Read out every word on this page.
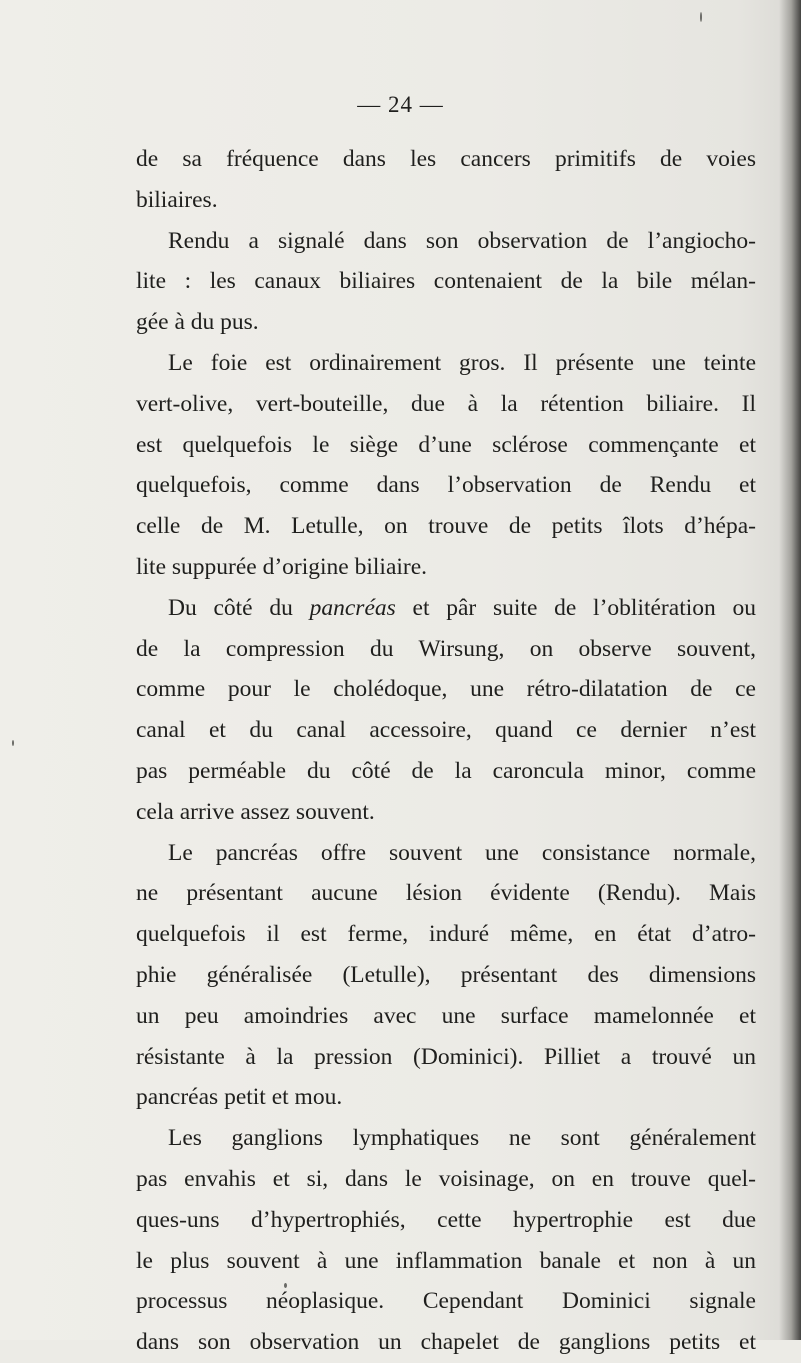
— 24 —

de sa fréquence dans les cancers primitifs de voies
biliaires.

Rendu a signalé dans son observation de l’angiocho-
lite : les canaux biliaires contenaient de la bile mélan-
gée à du pus.

Le foie est ordinairement gros. Il présente une teinte
vert-olive, vert-bouteille, due à la rétention biliaire. Il
est quelquefois le siège d’une sclérose commençante et
quelquefois, comme dans l’observation de Rendu et
celle de M. Letulle, on trouve de petits îlots d’hépa-
lite suppurée d’origine biliaire.

Du côté du pancréas et pâr suite de l’oblitération ou
de la compression du Wirsung, on observe souvent,
comme pour le cholédoque, une rétro-dilatation de ce
canal et du canal accessoire, quand ce dernier n’est
pas perméable du côté de la caroncula minor, comme
cela arrive assez souvent.

Le pancréas offre souvent une consistance normale,
ne présentant aucune lésion évidente (Rendu). Mais
quelquefois il est ferme, induré même, en état d’atro-
phie généralisée (Letulle), présentant des dimensions
un peu amoindries avec une surface mamelonnée et
résistante à la pression (Dominici). Pilliet a trouvé un
pancréas petit et mou.

Les ganglions lymphatiques ne sont généralement
pas envahis et si, dans le voisinage, on en trouve quel-
ques-uns d’hypertrophiés, cette hypertrophie est due
le plus souvent à une inflammation banale et non à un
processus néoplasique. Cependant Dominici signale
dans son observation un chapelet de ganglions petits et
